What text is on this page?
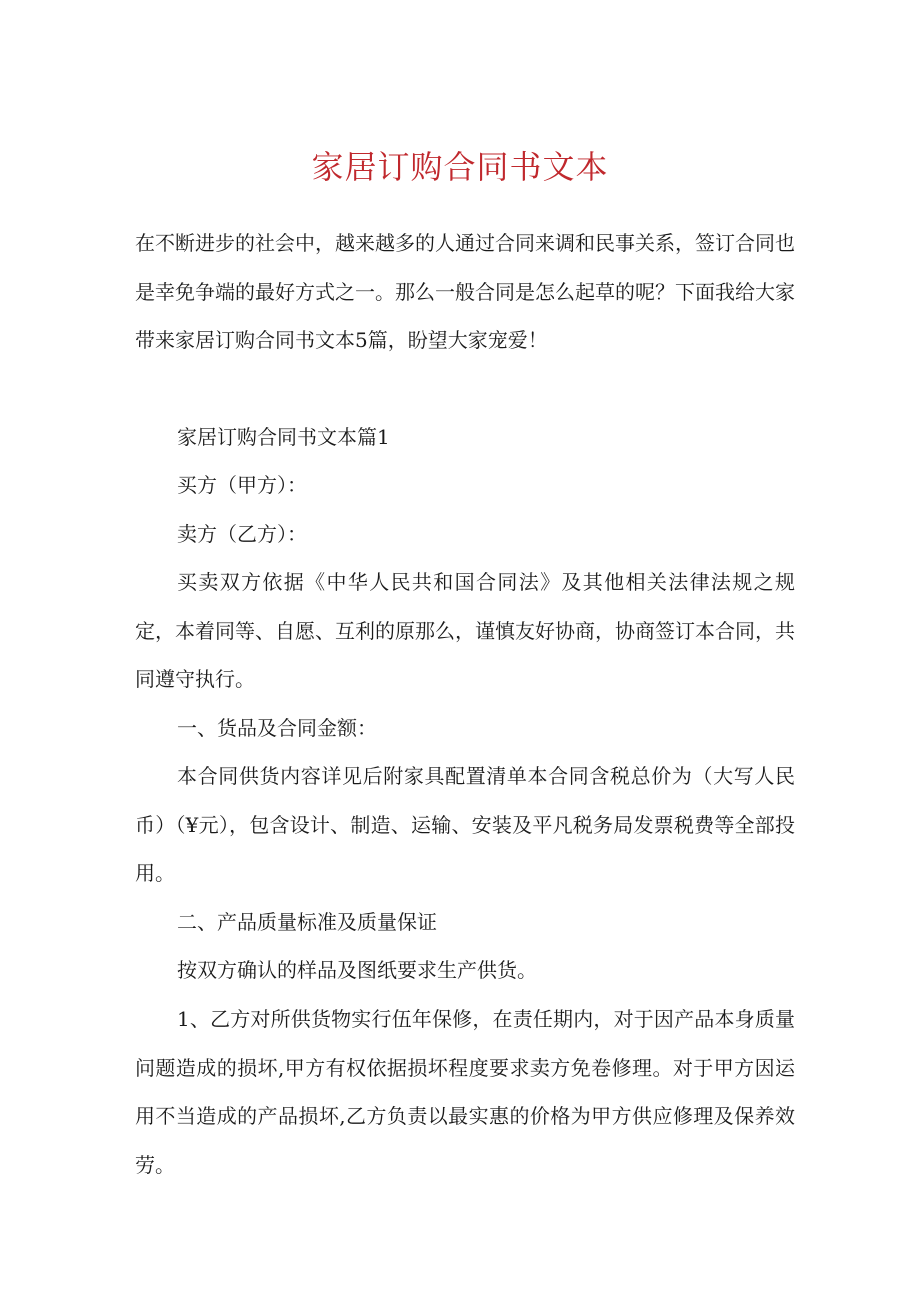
家居订购合同书文本

在不断进步的社会中，越来越多的人通过合同来调和民事关系，签订合同也是幸免争端的最好方式之一。那么一般合同是怎么起草的呢？下面我给大家带来家居订购合同书文本5篇，盼望大家宠爱！

家居订购合同书文本篇1

买方（甲方）：

卖方（乙方）：

买卖双方依据《中华人民共和国合同法》及其他相关法律法规之规定，本着同等、自愿、互利的原那么，谨慎友好协商，协商签订本合同，共同遵守执行。

一、货品及合同金额：

本合同供货内容详见后附家具配置清单本合同含税总价为（大写人民币）（¥元），包含设计、制造、运输、安装及平凡税务局发票税费等全部投用。

二、产品质量标准及质量保证

按双方确认的样品及图纸要求生产供货。

1、乙方对所供货物实行伍年保修，在责任期内，对于因产品本身质量问题造成的损坏,甲方有权依据损坏程度要求卖方免卷修理。对于甲方因运用不当造成的产品损坏,乙方负责以最实惠的价格为甲方供应修理及保养效劳。
